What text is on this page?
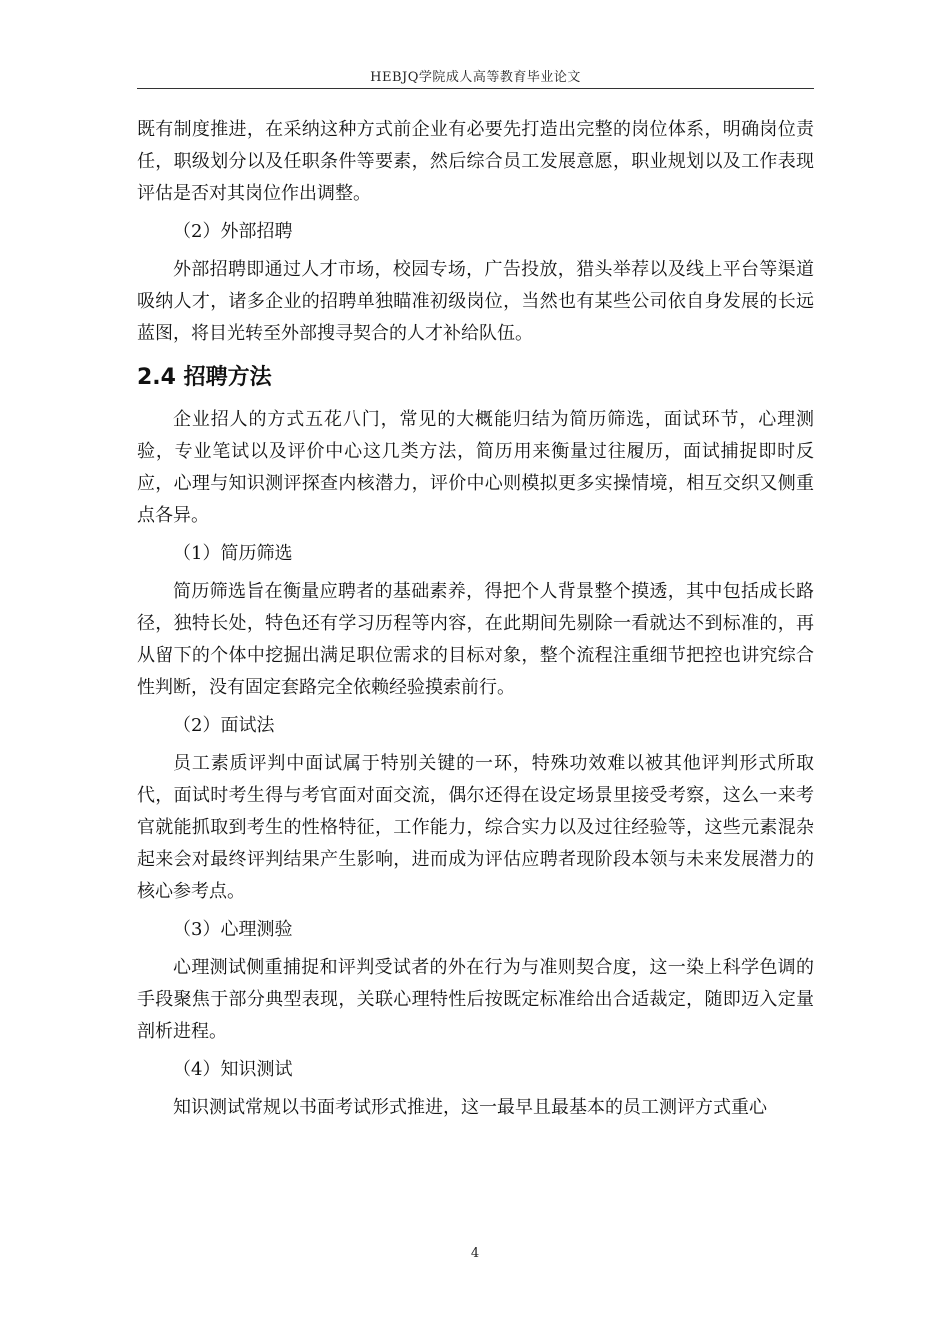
HEBJQ学院成人高等教育毕业论文

既有制度推进，在采纳这种方式前企业有必要先打造出完整的岗位体系，明确岗位责任，职级划分以及任职条件等要素，然后综合员工发展意愿，职业规划以及工作表现评估是否对其岗位作出调整。

（2）外部招聘

外部招聘即通过人才市场，校园专场，广告投放，猎头举荐以及线上平台等渠道吸纳人才，诸多企业的招聘单独瞄准初级岗位，当然也有某些公司依自身发展的长远蓝图，将目光转至外部搜寻契合的人才补给队伍。

2.4 招聘方法

企业招人的方式五花八门，常见的大概能归结为简历筛选，面试环节，心理测验，专业笔试以及评价中心这几类方法，简历用来衡量过往履历，面试捕捉即时反应，心理与知识测评探查内核潜力，评价中心则模拟更多实操情境，相互交织又侧重点各异。

（1）简历筛选

简历筛选旨在衡量应聘者的基础素养，得把个人背景整个摸透，其中包括成长路径，独特长处，特色还有学习历程等内容，在此期间先剔除一看就达不到标准的，再从留下的个体中挖掘出满足职位需求的目标对象，整个流程注重细节把控也讲究综合性判断，没有固定套路完全依赖经验摸索前行。

（2）面试法

员工素质评判中面试属于特别关键的一环，特殊功效难以被其他评判形式所取代，面试时考生得与考官面对面交流，偶尔还得在设定场景里接受考察，这么一来考官就能抓取到考生的性格特征，工作能力，综合实力以及过往经验等，这些元素混杂起来会对最终评判结果产生影响，进而成为评估应聘者现阶段本领与未来发展潜力的核心参考点。

（3）心理测验

心理测试侧重捕捉和评判受试者的外在行为与准则契合度，这一染上科学色调的手段聚焦于部分典型表现，关联心理特性后按既定标准给出合适裁定，随即迈入定量剖析进程。

（4）知识测试

知识测试常规以书面考试形式推进，这一最早且最基本的员工测评方式重心

4
